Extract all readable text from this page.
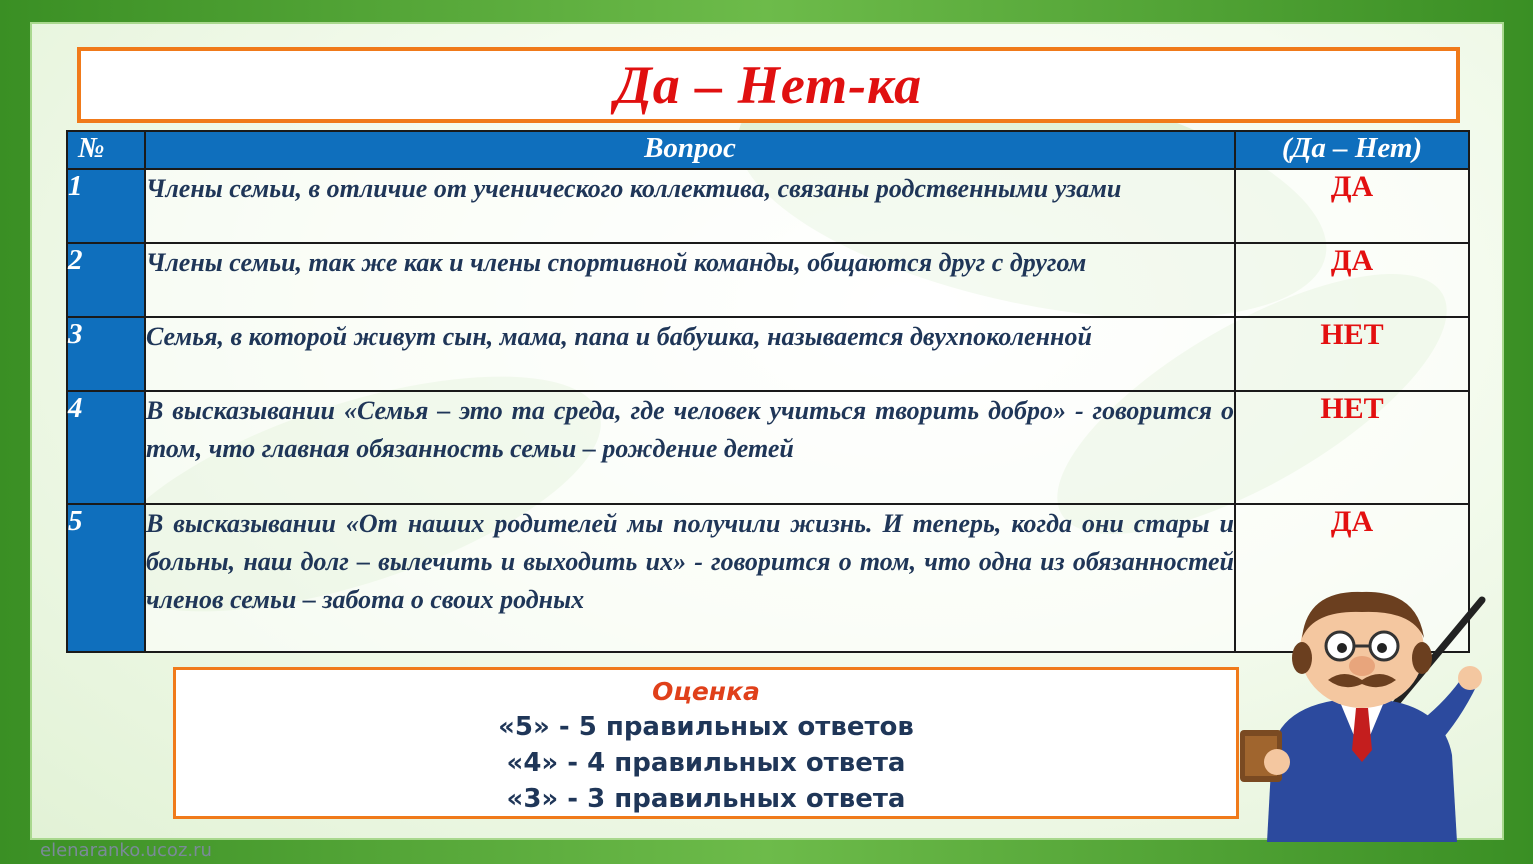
Да – Нет-ка
№	Вопрос	(Да – Нет)
1	Члены семьи, в отличие от ученического коллектива, связаны родственными узами	ДА
2	Члены семьи, так же как и члены спортивной команды, общаются друг с другом	ДА
3	Семья, в которой живут сын, мама, папа и бабушка, называется двухпоколенной	НЕТ
4	В высказывании «Семья – это та среда, где человек учиться творить добро» - говорится о том, что главная обязанность семьи – рождение детей	НЕТ
5	В высказывании «От наших родителей мы получили жизнь. И теперь, когда они стары и больны, наш долг – вылечить и выходить их» - говорится о том, что одна из обязанностей членов семьи – забота о своих родных	ДА
Оценка
«5» - 5 правильных ответов
«4» - 4 правильных ответа
«3» - 3 правильных ответа
elenaranko.ucoz.ru
